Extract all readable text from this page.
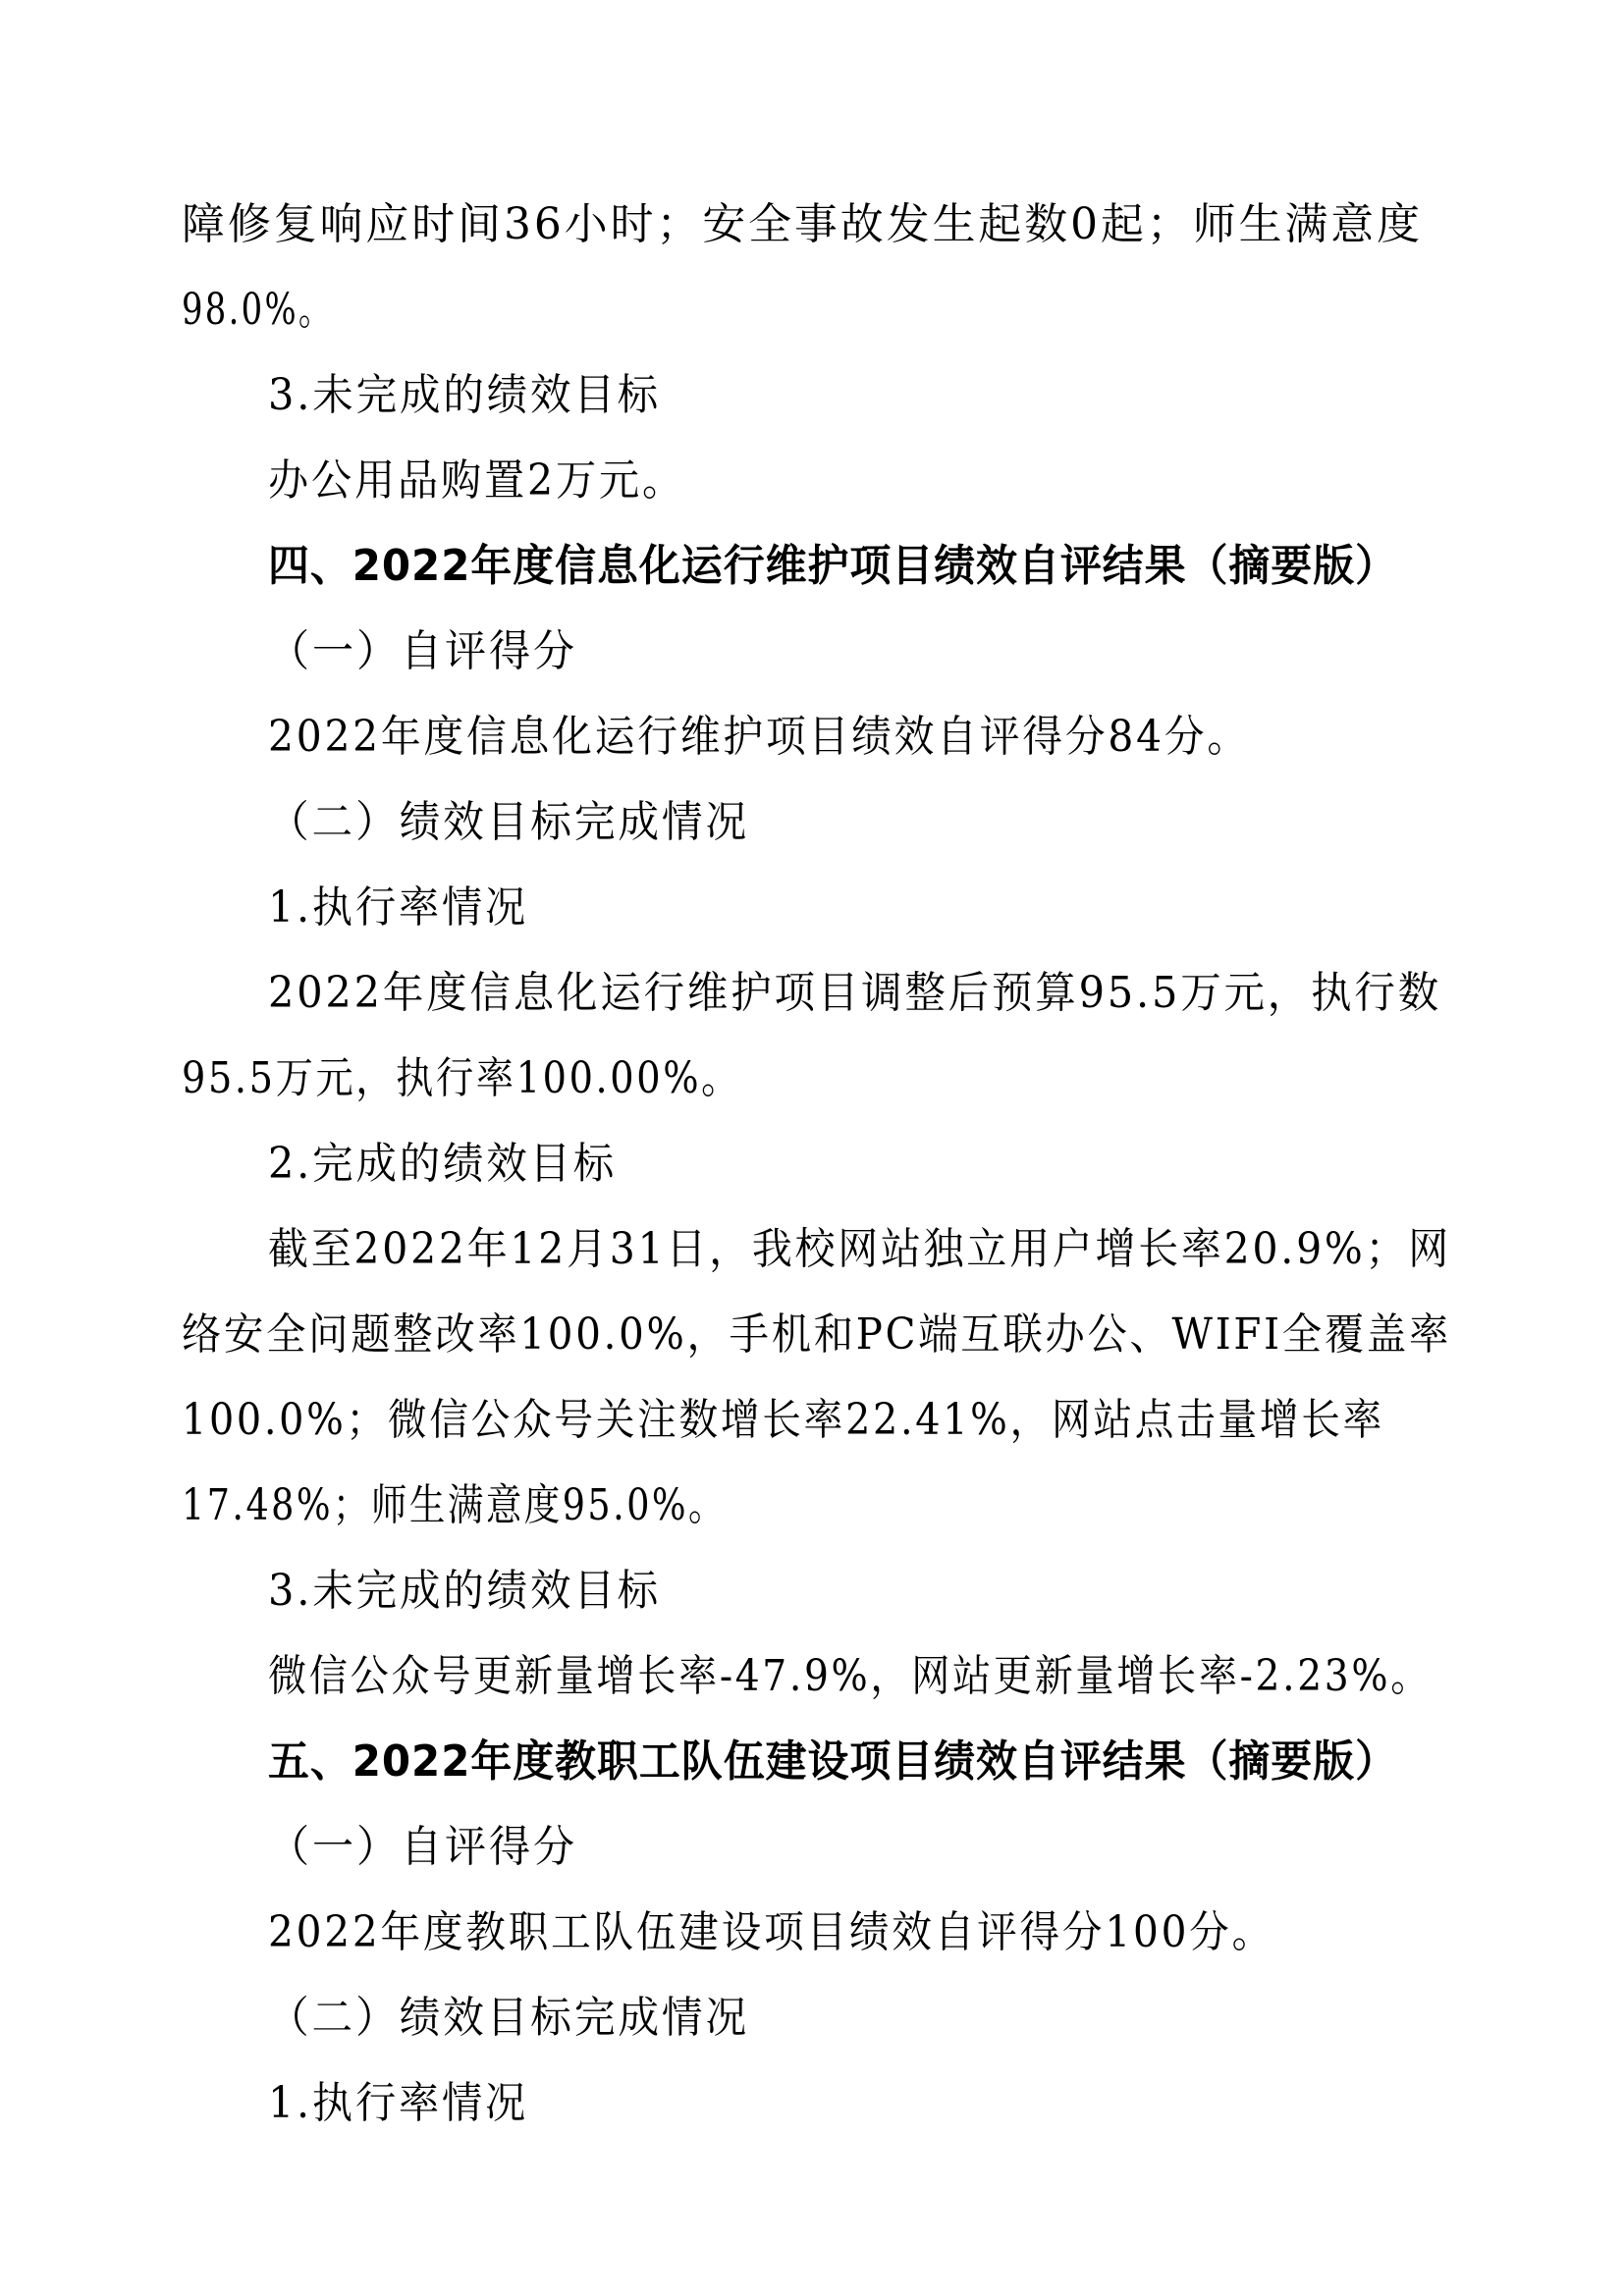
障修复响应时间36小时；安全事故发生起数0起；师生满意度
98.0%。
3.未完成的绩效目标
办公用品购置2万元。
四、2022年度信息化运行维护项目绩效自评结果（摘要版）
（一）自评得分
2022年度信息化运行维护项目绩效自评得分84分。
（二）绩效目标完成情况
1.执行率情况
2022年度信息化运行维护项目调整后预算95.5万元，执行数
95.5万元，执行率100.00%。
2.完成的绩效目标
截至2022年12月31日，我校网站独立用户增长率20.9%；网
络安全问题整改率100.0%，手机和PC端互联办公、WIFI全覆盖率
100.0%；微信公众号关注数增长率22.41%，网站点击量增长率
17.48%；师生满意度95.0%。
3.未完成的绩效目标
微信公众号更新量增长率-47.9%，网站更新量增长率-2.23%。
五、2022年度教职工队伍建设项目绩效自评结果（摘要版）
（一）自评得分
2022年度教职工队伍建设项目绩效自评得分100分。
（二）绩效目标完成情况
1.执行率情况
